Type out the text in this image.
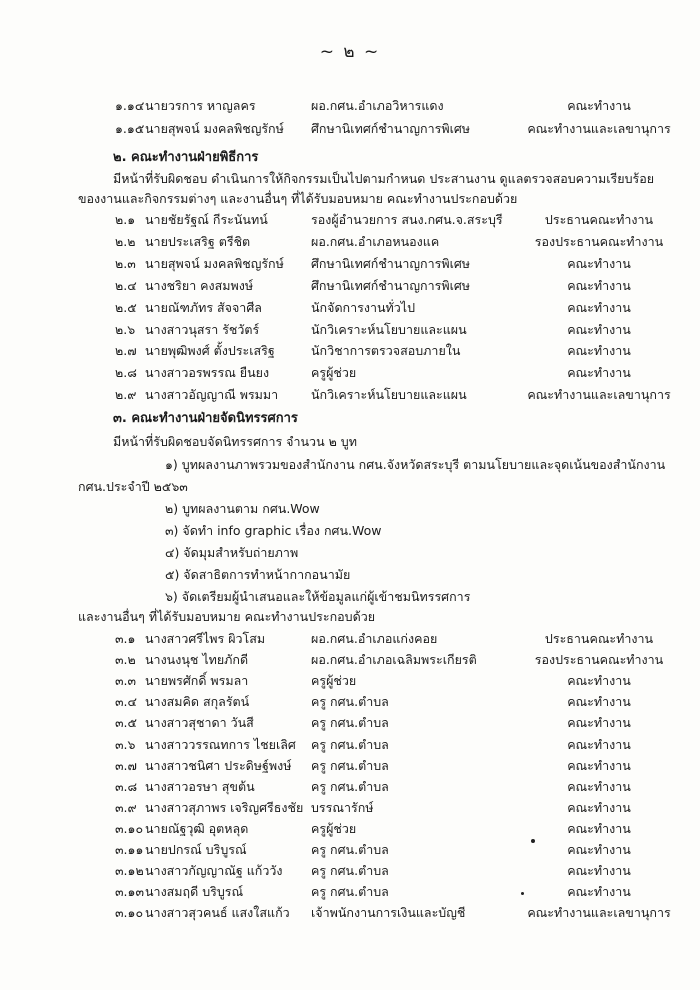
~ ๒ ~
๑.๑๔ นายวรการ หาญลคร	ผอ.กศน.อำเภอวิหารแดง	คณะทำงาน
๑.๑๕ นายสุพจน์ มงคลพิชญรักษ์ ศึกษานิเทศก์ชำนาญการพิเศษ	คณะทำงานและเลขานุการ
๒. คณะทำงานฝ่ายพิธีการ
มีหน้าที่รับผิดชอบ ดำเนินการให้กิจกรรมเป็นไปตามกำหนด ประสานงาน ดูแลตรวจสอบความเรียบร้อย
ของงานและกิจกรรมต่างๆ และงานอื่นๆ ที่ได้รับมอบหมาย คณะทำงานประกอบด้วย
๒.๑ นายชัยรัฐณ์ กีระนันทน์	รองผู้อำนวยการ สนง.กศน.จ.สระบุรี	ประธานคณะทำงาน
๒.๒ นายประเสริฐ ตรีชิต	ผอ.กศน.อำเภอหนองแค	รองประธานคณะทำงาน
๒.๓ นายสุพจน์ มงคลพิชญรักษ์ ศึกษานิเทศก์ชำนาญการพิเศษ	คณะทำงาน
๒.๔ นางชริยา คงสมพงษ์	ศึกษานิเทศก์ชำนาญการพิเศษ	คณะทำงาน
๒.๕ นายณัฑภัทร สัจจาศีล	นักจัดการงานทั่วไป	คณะทำงาน
๒.๖ นางสาวนุสรา รัชวัตร์	นักวิเคราะห์นโยบายและแผน	คณะทำงาน
๒.๗ นายพุฒิพงศ์ ตั้งประเสริฐ	นักวิชาการตรวจสอบภายใน	คณะทำงาน
๒.๘ นางสาวอรพรรณ ยืนยง	ครูผู้ช่วย	คณะทำงาน
๒.๙ นางสาวอัญญาณี พรมมา	นักวิเคราะห์นโยบายและแผน	คณะทำงานและเลขานุการ
๓. คณะทำงานฝ่ายจัดนิทรรศการ
มีหน้าที่รับผิดชอบจัดนิทรรศการ จำนวน ๒ บูท
๑) บูทผลงานภาพรวมของสำนักงาน กศน.จังหวัดสระบุรี ตามนโยบายและจุดเน้นของสำนักงาน
กศน.ประจำปี ๒๕๖๓
๒) บูทผลงานตาม กศน.Wow
๓) จัดทำ info graphic เรื่อง กศน.Wow
๔) จัดมุมสำหรับถ่ายภาพ
๕) จัดสาธิตการทำหน้ากากอนามัย
๖) จัดเตรียมผู้นำเสนอและให้ข้อมูลแก่ผู้เข้าชมนิทรรศการ
และงานอื่นๆ ที่ได้รับมอบหมาย คณะทำงานประกอบด้วย
๓.๑ นางสาวศรีไพร ผิวโสม	ผอ.กศน.อำเภอแก่งคอย	ประธานคณะทำงาน
๓.๒ นางนงนุช ไทยภักดี	ผอ.กศน.อำเภอเฉลิมพระเกียรติ	รองประธานคณะทำงาน
๓.๓ นายพรศักดิ์ พรมลา	ครูผู้ช่วย	คณะทำงาน
๓.๔ นางสมคิด สกุลรัตน์	ครู กศน.ตำบล	คณะทำงาน
๓.๕ นางสาวสุชาดา วันสี	ครู กศน.ตำบล	คณะทำงาน
๓.๖ นางสาววรรณทการ ไชยเลิศ ครู กศน.ตำบล	คณะทำงาน
๓.๗ นางสาวชนิศา ประดิษฐ์พงษ์ ครู กศน.ตำบล	คณะทำงาน
๓.๘ นางสาวอรษา สุขต้น	ครู กศน.ตำบล	คณะทำงาน
๓.๙ นางสาวสุภาพร เจริญศรีธงชัย บรรณารักษ์	คณะทำงาน
๓.๑๐ นายณัฐวุฒิ อุตหลุด	ครูผู้ช่วย	คณะทำงาน
๓.๑๑ นายปกรณ์ บริบูรณ์	ครู กศน.ตำบล	คณะทำงาน
๓.๑๒ นางสาวกัญญาณัฐ แก้ววัง ครู กศน.ตำบล	คณะทำงาน
๓.๑๓ นางสมฤดี บริบูรณ์	ครู กศน.ตำบล	คณะทำงาน
๓.๑๐ นางสาวสุวคนธ์ แสงใสแก้ว เจ้าพนักงานการเงินและบัญชี	คณะทำงานและเลขานุการ
